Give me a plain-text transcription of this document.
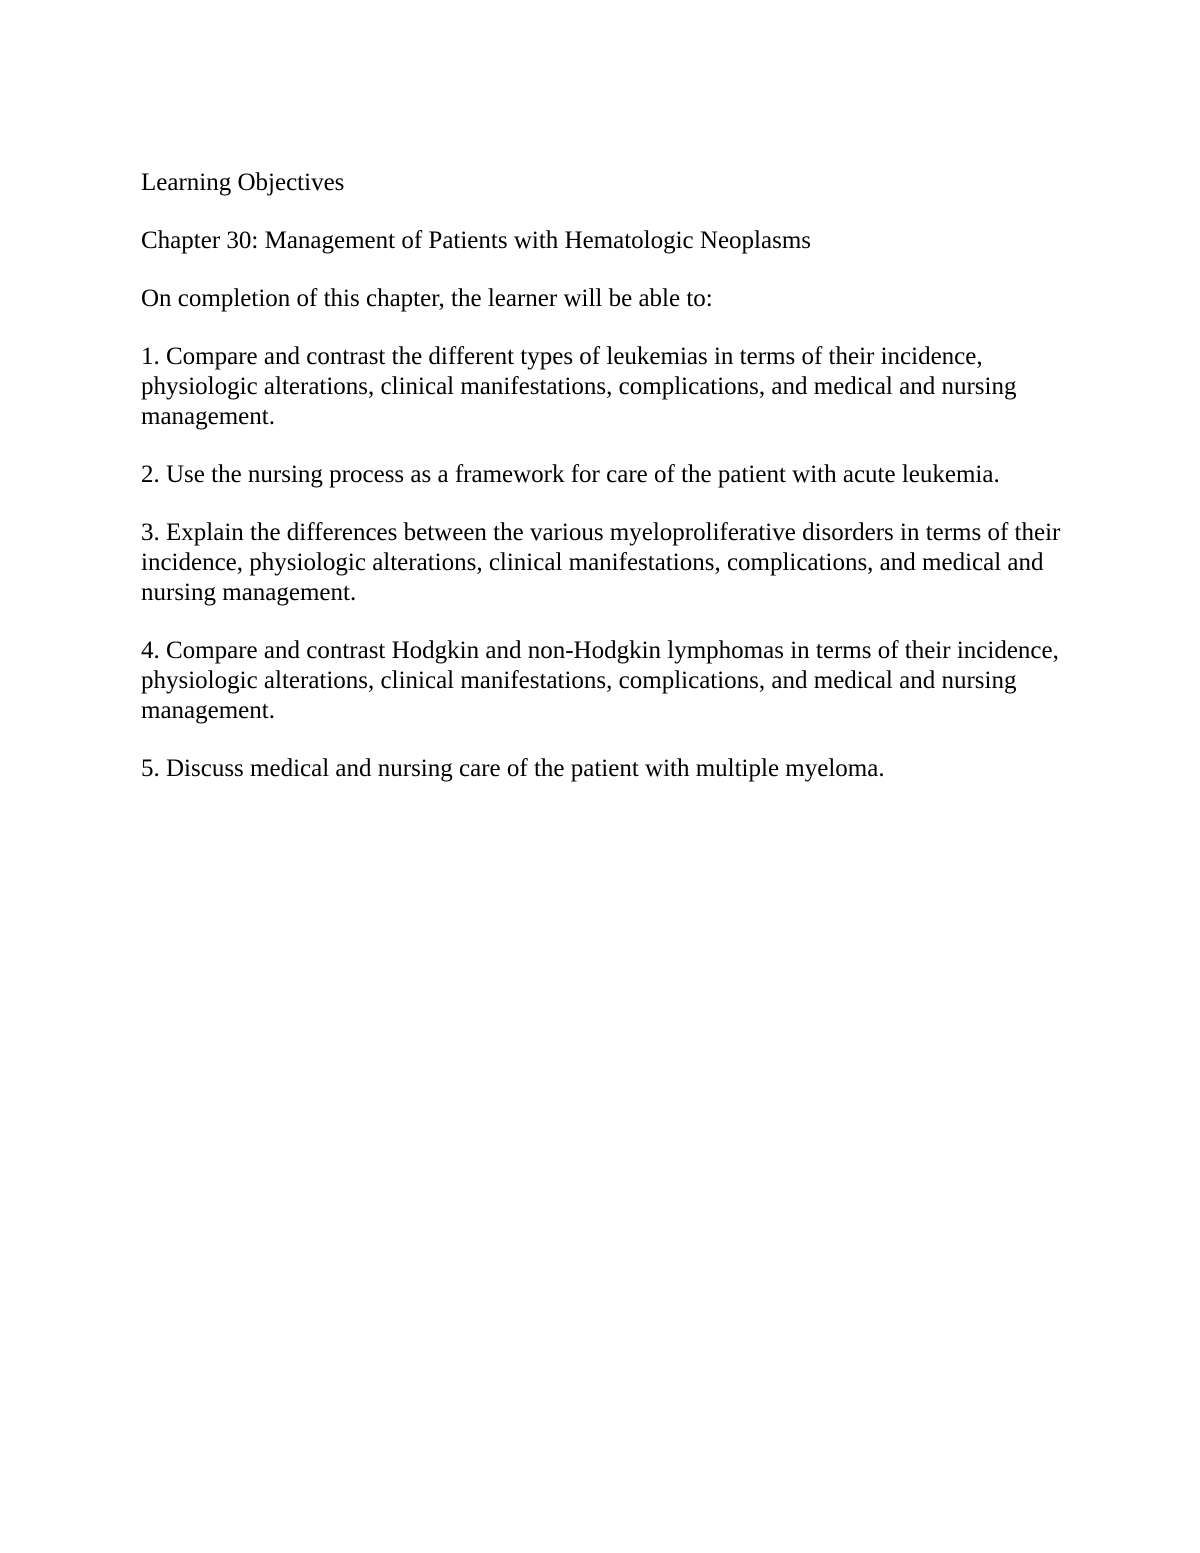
Learning Objectives

Chapter 30: Management of Patients with Hematologic Neoplasms

On completion of this chapter, the learner will be able to:

1. Compare and contrast the different types of leukemias in terms of their incidence, physiologic alterations, clinical manifestations, complications, and medical and nursing management.

2. Use the nursing process as a framework for care of the patient with acute leukemia.

3. Explain the differences between the various myeloproliferative disorders in terms of their incidence, physiologic alterations, clinical manifestations, complications, and medical and nursing management.

4. Compare and contrast Hodgkin and non-Hodgkin lymphomas in terms of their incidence, physiologic alterations, clinical manifestations, complications, and medical and nursing management.

5. Discuss medical and nursing care of the patient with multiple myeloma.
